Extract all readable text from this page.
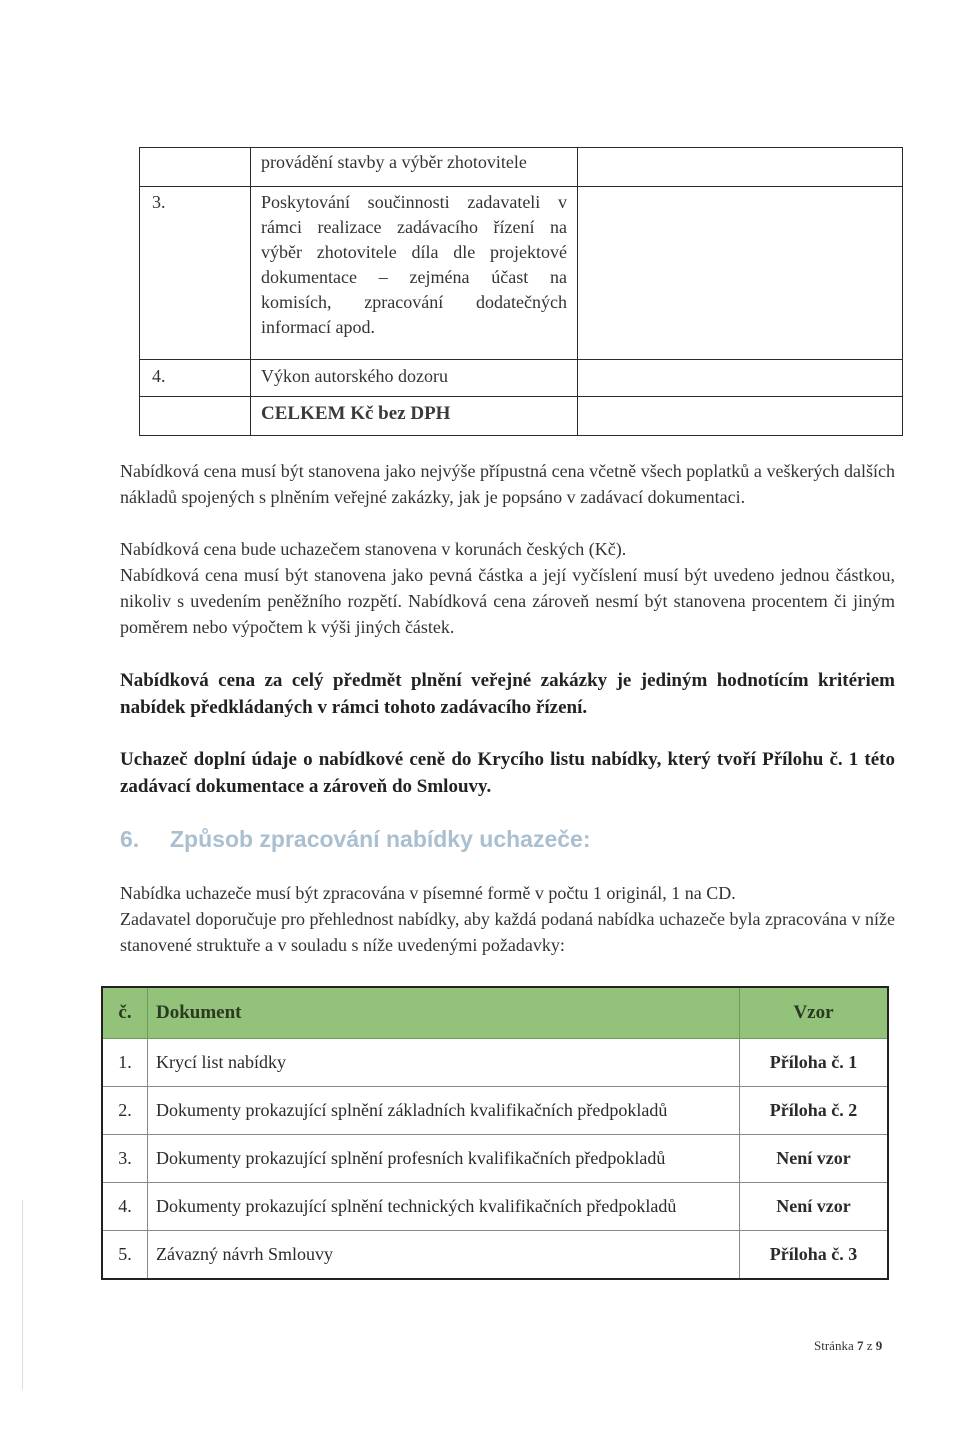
	provádění stavby a výběr zhotovitele	
3.	Poskytování součinnosti zadavateli v rámci realizace zadávacího řízení na výběr zhotovitele díla dle projektové dokumentace – zejména účast na komisích, zpracování dodatečných informací apod.	
4.	Výkon autorského dozoru	
	CELKEM Kč bez DPH	

Nabídková cena musí být stanovena jako nejvýše přípustná cena včetně všech poplatků a veškerých dalších nákladů spojených s plněním veřejné zakázky, jak je popsáno v zadávací dokumentaci.

Nabídková cena bude uchazečem stanovena v korunách českých (Kč).

Nabídková cena musí být stanovena jako pevná částka a její vyčíslení musí být uvedeno jednou částkou, nikoliv s uvedením peněžního rozpětí. Nabídková cena zároveň nesmí být stanovena procentem či jiným poměrem nebo výpočtem k výši jiných částek.

Nabídková cena za celý předmět plnění veřejné zakázky je jediným hodnotícím kritériem nabídek předkládaných v rámci tohoto zadávacího řízení.

Uchazeč doplní údaje o nabídkové ceně do Krycího listu nabídky, který tvoří Přílohu č. 1 této zadávací dokumentace a zároveň do Smlouvy.

6. Způsob zpracování nabídky uchazeče:

Nabídka uchazeče musí být zpracována v písemné formě v počtu 1 originál, 1 na CD.

Zadavatel doporučuje pro přehlednost nabídky, aby každá podaná nabídka uchazeče byla zpracována v níže stanovené struktuře a v souladu s níže uvedenými požadavky:

č.	Dokument	Vzor
1.	Krycí list nabídky	Příloha č. 1
2.	Dokumenty prokazující splnění základních kvalifikačních předpokladů	Příloha č. 2
3.	Dokumenty prokazující splnění profesních kvalifikačních předpokladů	Není vzor
4.	Dokumenty prokazující splnění technických kvalifikačních předpokladů	Není vzor
5.	Závazný návrh Smlouvy	Příloha č. 3
Stránka 7 z 9
